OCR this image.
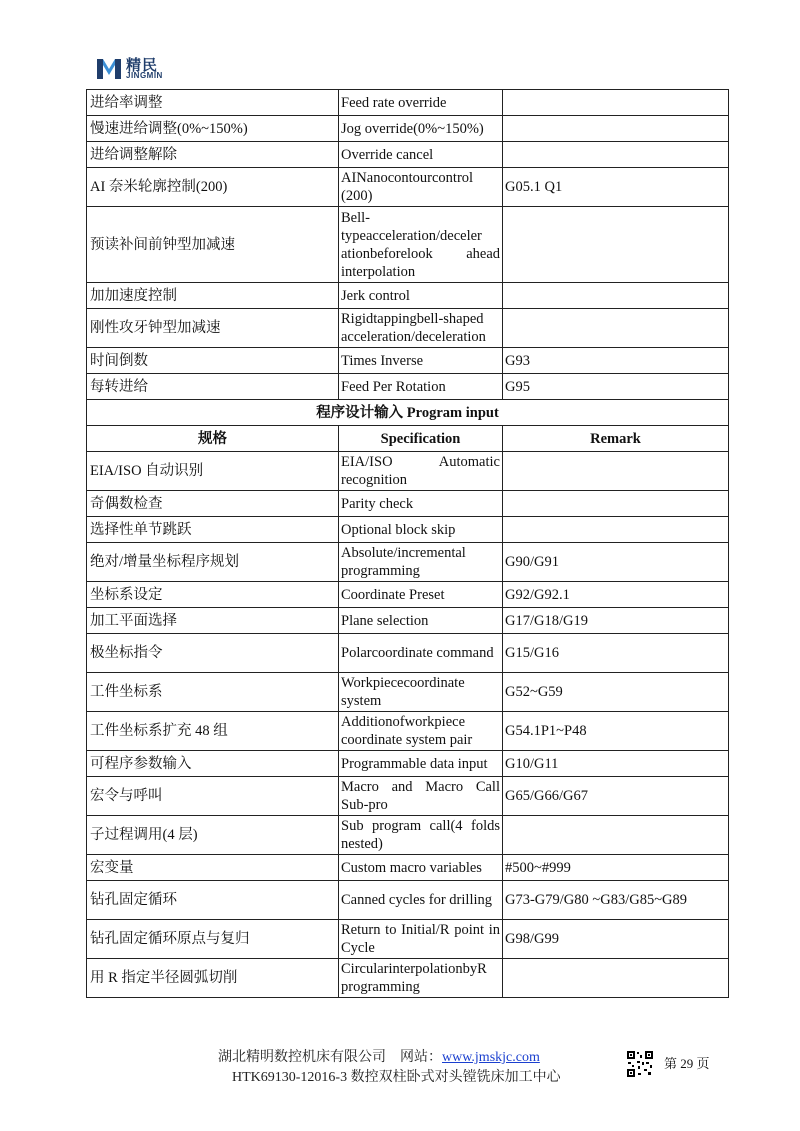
精民
JINGMIN
进给率调整	Feed rate override	
慢速进给调整(0%~150%)	Jog override(0%~150%)	
进给调整解除	Override cancel	
AI 奈米轮廓控制(200)	AINanocontourcontrol (200)	G05.1 Q1
预读补间前钟型加减速	Bell-typeacceleration/deceler ationbeforelook ahead interpolation	
加加速度控制	Jerk control	
刚性攻牙钟型加减速	Rigidtappingbell-shaped acceleration/deceleration	
时间倒数	Times Inverse	G93
每转进给	Feed Per Rotation	G95
程序设计输入 Program input		
规格	Specification	Remark
EIA/ISO 自动识别	EIA/ISO Automatic recognition	
奇偶数检查	Parity check	
选择性单节跳跃	Optional block skip	
绝对/增量坐标程序规划	Absolute/incremental programming	G90/G91
坐标系设定	Coordinate Preset	G92/G92.1
加工平面选择	Plane selection	G17/G18/G19
极坐标指令	Polarcoordinate command	G15/G16
工件坐标系	Workpiececoordinate system	G52~G59
工件坐标系扩充 48 组	Additionofworkpiece coordinate system pair	G54.1P1~P48
可程序参数输入	Programmable data input	G10/G11
宏令与呼叫	Macro and Macro Call Sub-pro	G65/G66/G67
子过程调用(4 层)	Sub program call(4 folds nested)	
宏变量	Custom macro variables	#500~#999
钻孔固定循环	Canned cycles for drilling	G73-G79/G80 ~G83/G85~G89
钻孔固定循环原点与复归	Return to Initial/R point in Cycle	G98/G99
用 R 指定半径圆弧切削	CircularinterpolationbyR programming	
湖北精明数控机床有限公司 网站：www.jmskjc.com
HTK69130-12016-3 数控双柱卧式对头镗铣床加工中心
第 29 页
